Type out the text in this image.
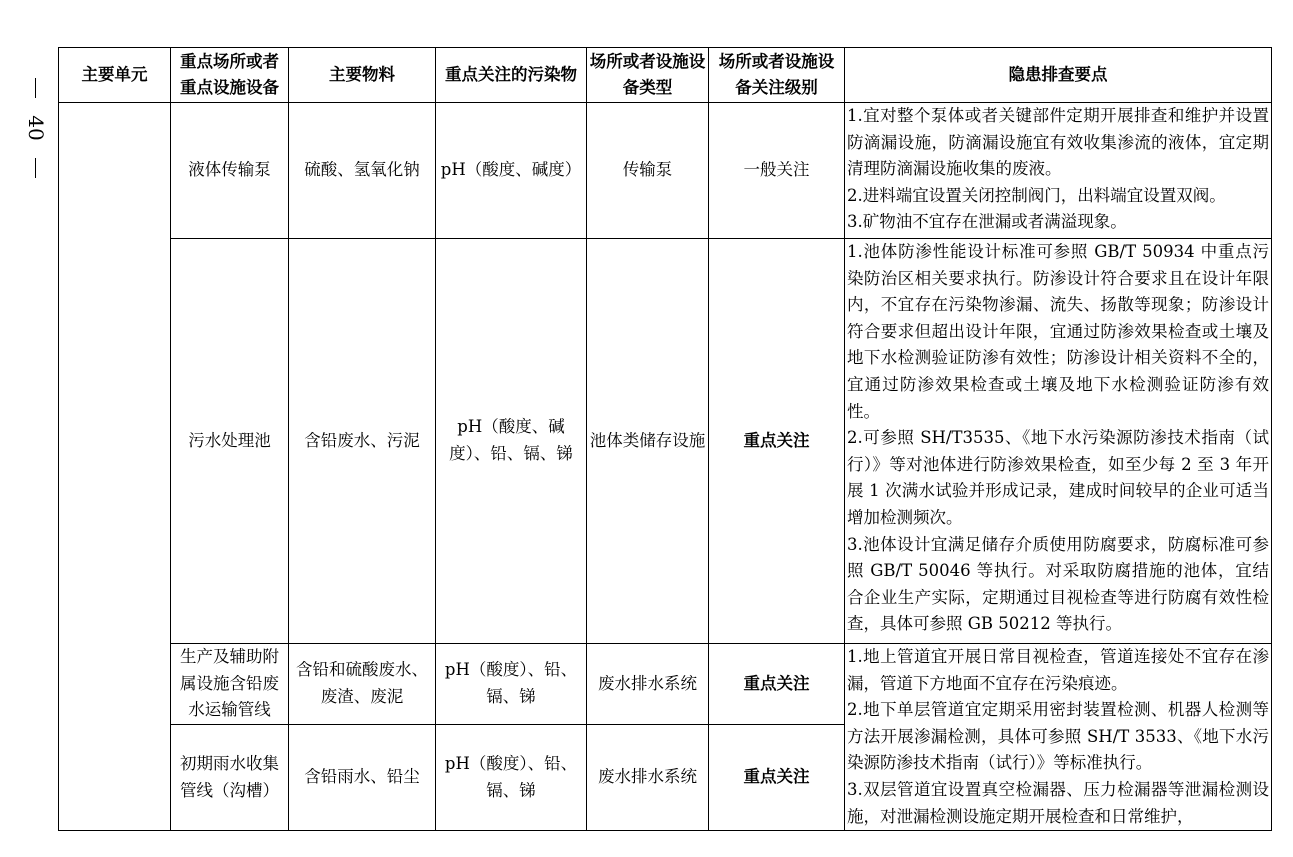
40
主要单元	重点场所或者重点设施设备	主要物料	重点关注的污染物	场所或者设施设备类型	场所或者设施设备关注级别	隐患排查要点
	液体传输泵	硫酸、氢氧化钠	pH（酸度、碱度）	传输泵	一般关注	1.宜对整个泵体或者关键部件定期开展排查和维护并设置防滴漏设施，防滴漏设施宜有效收集渗流的液体，宜定期清理防滴漏设施收集的废液。
2.进料端宜设置关闭控制阀门，出料端宜设置双阀。
3.矿物油不宜存在泄漏或者满溢现象。

	污水处理池	含铅废水、污泥	pH（酸度、碱度）、铅、镉、锑	池体类储存设施	重点关注	1.池体防渗性能设计标准可参照 GB/T 50934 中重点污染防治区相关要求执行。防渗设计符合要求且在设计年限内，不宜存在污染物渗漏、流失、扬散等现象；防渗设计符合要求但超出设计年限，宜通过防渗效果检查或土壤及地下水检测验证防渗有效性；防渗设计相关资料不全的，宜通过防渗效果检查或土壤及地下水检测验证防渗有效性。
2.可参照 SH/T3535、《地下水污染源防渗技术指南（试行）》等对池体进行防渗效果检查，如至少每 2 至 3 年开展 1 次满水试验并形成记录，建成时间较早的企业可适当增加检测频次。
3.池体设计宜满足储存介质使用防腐要求，防腐标准可参照 GB/T 50046 等执行。对采取防腐措施的池体，宜结合企业生产实际，定期通过目视检查等进行防腐有效性检查，具体可参照 GB 50212 等执行。

	生产及辅助附属设施含铅废水运输管线	含铅和硫酸废水、废渣、废泥	pH（酸度）、铅、镉、锑	废水排水系统	重点关注	1.地上管道宜开展日常目视检查，管道连接处不宜存在渗漏，管道下方地面不宜存在污染痕迹。
2.地下单层管道宜定期采用密封装置检测、机器人检测等方法开展渗漏检测，具体可参照 SH/T 3533、《地下水污染源防渗技术指南（试行）》等标准执行。
3.双层管道宜设置真空检漏器、压力检漏器等泄漏检测设施，对泄漏检测设施定期开展检查和日常维护，

	初期雨水收集管线（沟槽）	含铅雨水、铅尘	pH（酸度）、铅、镉、锑	废水排水系统	重点关注	
